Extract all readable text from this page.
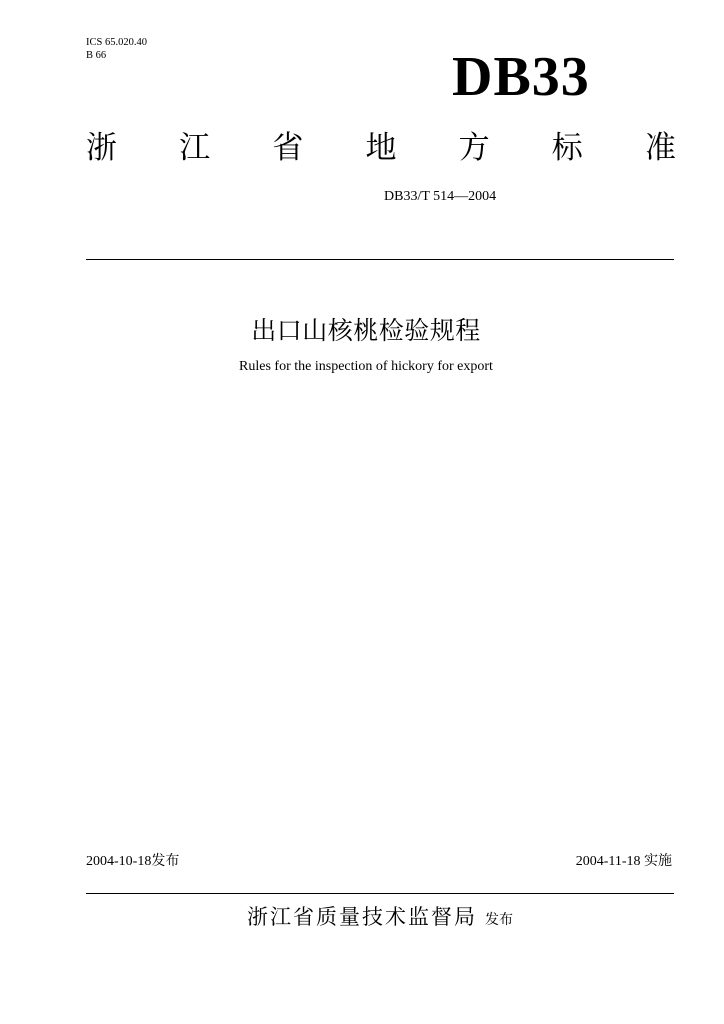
ICS 65.020.40
B 66	DB33
浙 江 省 地 方 标 准
DB33/T 514—2004
出口山核桃检验规程
Rules for the inspection of hickory for export
2004-10-18发布	2004-11-18 实施
浙江省质量技术监督局 发布
